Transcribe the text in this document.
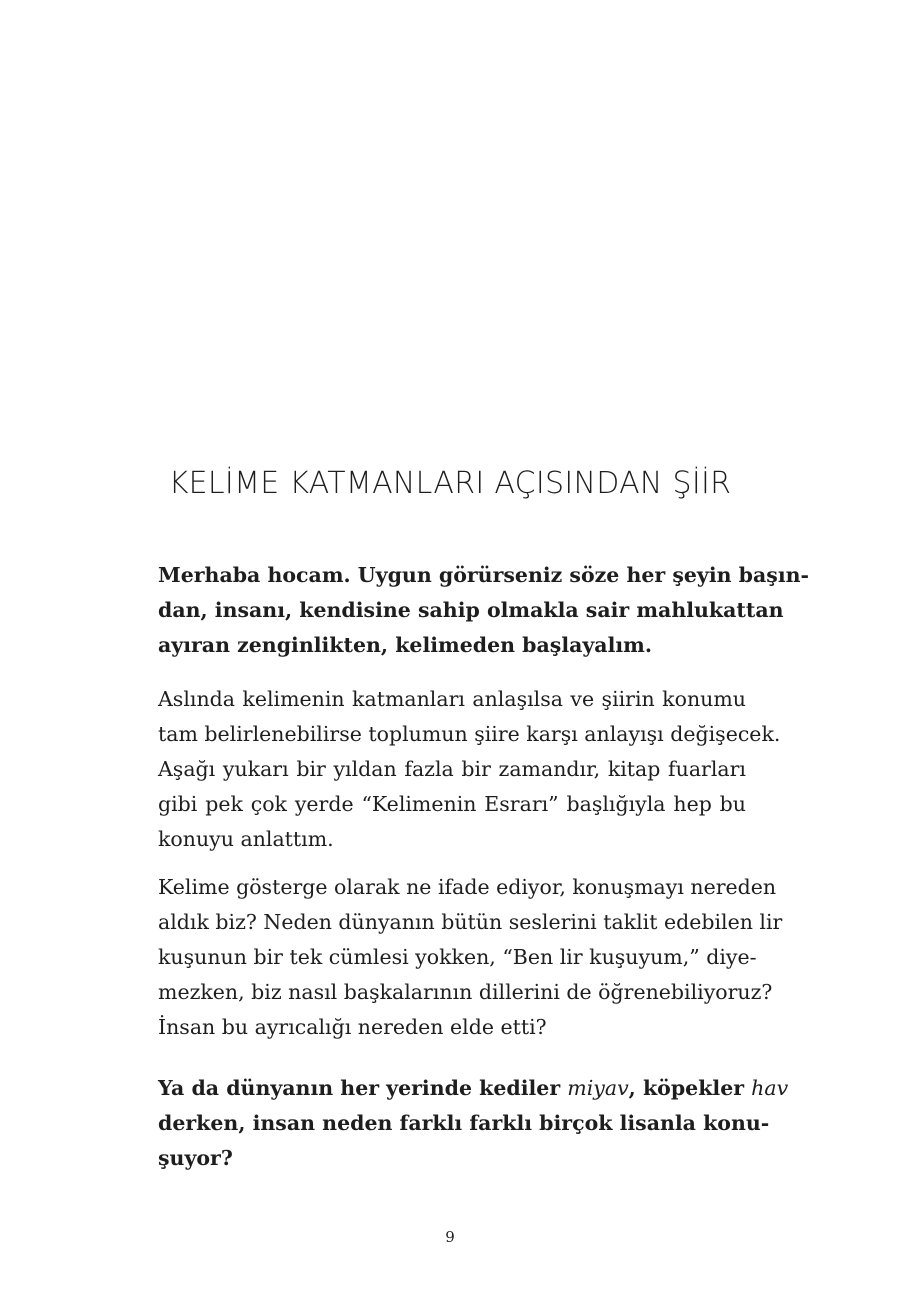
KELİME KATMANLARI AÇISINDAN ŞİİR
Merhaba hocam. Uygun görürseniz söze her şeyin başın-
dan, insanı, kendisine sahip olmakla sair mahlukattan
ayıran zenginlikten, kelimeden başlayalım.
Aslında kelimenin katmanları anlaşılsa ve şiirin konumu
tam belirlenebilirse toplumun şiire karşı anlayışı değişecek.
Aşağı yukarı bir yıldan fazla bir zamandır, kitap fuarları
gibi pek çok yerde “Kelimenin Esrarı” başlığıyla hep bu
konuyu anlattım.
Kelime gösterge olarak ne ifade ediyor, konuşmayı nereden
aldık biz? Neden dünyanın bütün seslerini taklit edebilen lir
kuşunun bir tek cümlesi yokken, “Ben lir kuşuyum,” diye-
mezken, biz nasıl başkalarının dillerini de öğrenebiliyoruz?
İnsan bu ayrıcalığı nereden elde etti?
Ya da dünyanın her yerinde kediler miyav, köpekler hav
derken, insan neden farklı farklı birçok lisanla konu-
şuyor?
9
